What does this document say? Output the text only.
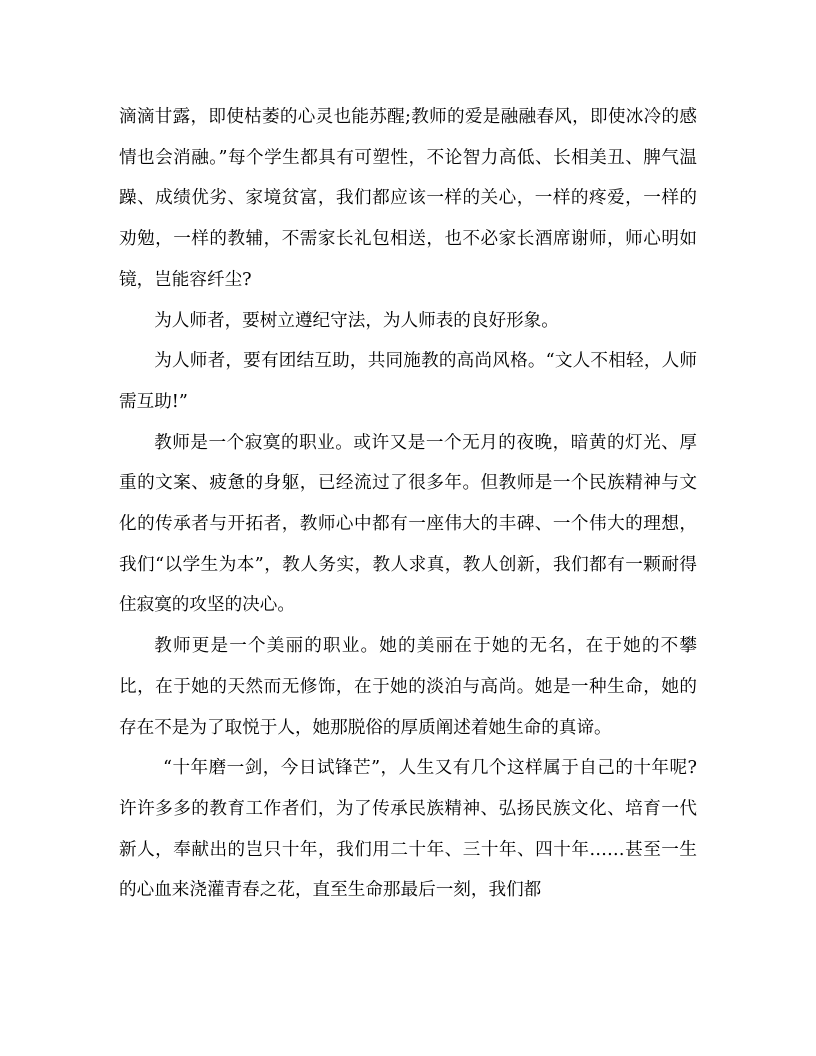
滴滴甘露，即使枯萎的心灵也能苏醒;教师的爱是融融春风，即使冰冷的感情也会消融。”每个学生都具有可塑性，不论智力高低、长相美丑、脾气温躁、成绩优劣、家境贫富，我们都应该一样的关心，一样的疼爱，一样的劝勉，一样的教辅，不需家长礼包相送，也不必家长酒席谢师，师心明如镜，岂能容纤尘?

为人师者，要树立遵纪守法，为人师表的良好形象。

为人师者，要有团结互助，共同施教的高尚风格。“文人不相轻，人师需互助!”

教师是一个寂寞的职业。或许又是一个无月的夜晚，暗黄的灯光、厚重的文案、疲惫的身躯，已经流过了很多年。但教师是一个民族精神与文化的传承者与开拓者，教师心中都有一座伟大的丰碑、一个伟大的理想，我们“以学生为本”，教人务实，教人求真，教人创新，我们都有一颗耐得住寂寞的攻坚的决心。

教师更是一个美丽的职业。她的美丽在于她的无名，在于她的不攀比，在于她的天然而无修饰，在于她的淡泊与高尚。她是一种生命，她的存在不是为了取悦于人，她那脱俗的厚质阐述着她生命的真谛。

“十年磨一剑，今日试锋芒”，人生又有几个这样属于自己的十年呢?许许多多的教育工作者们，为了传承民族精神、弘扬民族文化、培育一代新人，奉献出的岂只十年，我们用二十年、三十年、四十年……甚至一生的心血来浇灌青春之花，直至生命那最后一刻，我们都
